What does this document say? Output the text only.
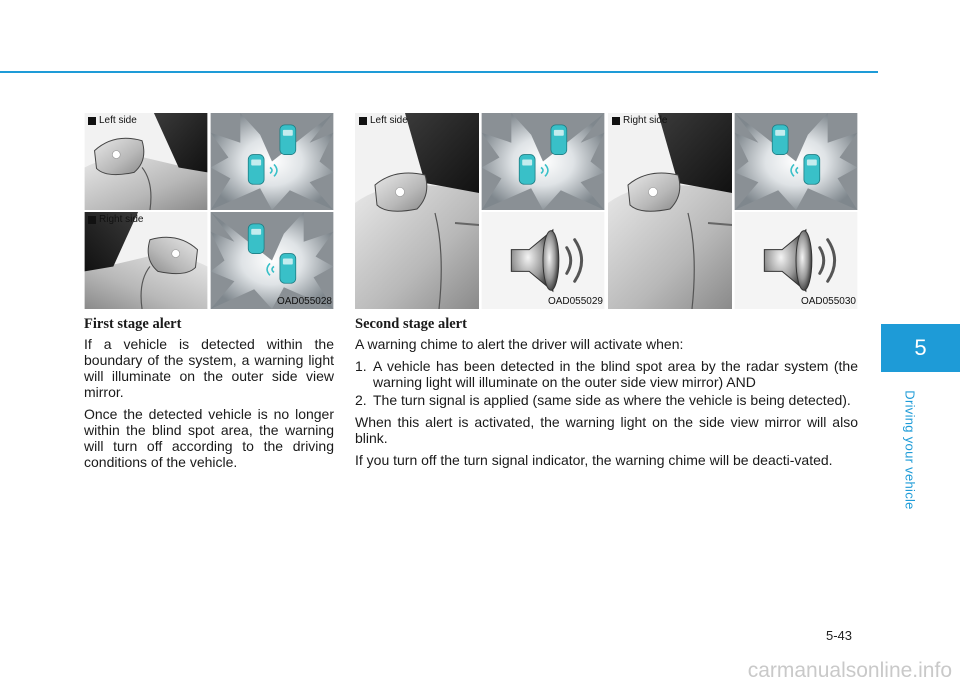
Left side
Right side
OAD055028
Left side
OAD055029
Right side
OAD055030
First stage alert

If a vehicle is detected within the boundary of the system, a warning light will illuminate on the outer side view mirror.

Once the detected vehicle is no longer within the blind spot area, the warning will turn off according to the driving conditions of the vehicle.

Second stage alert

A warning chime to alert the driver will activate when:

1. A vehicle has been detected in the blind spot area by the radar system (the warning light will illuminate on the outer side view mirror) AND
2. The turn signal is applied (same side as where the vehicle is being detected).

When this alert is activated, the warning light on the side view mirror will also blink.

If you turn off the turn signal indicator, the warning chime will be deacti-vated.

5
Driving your vehicle
5-43
carmanualsonline.info
